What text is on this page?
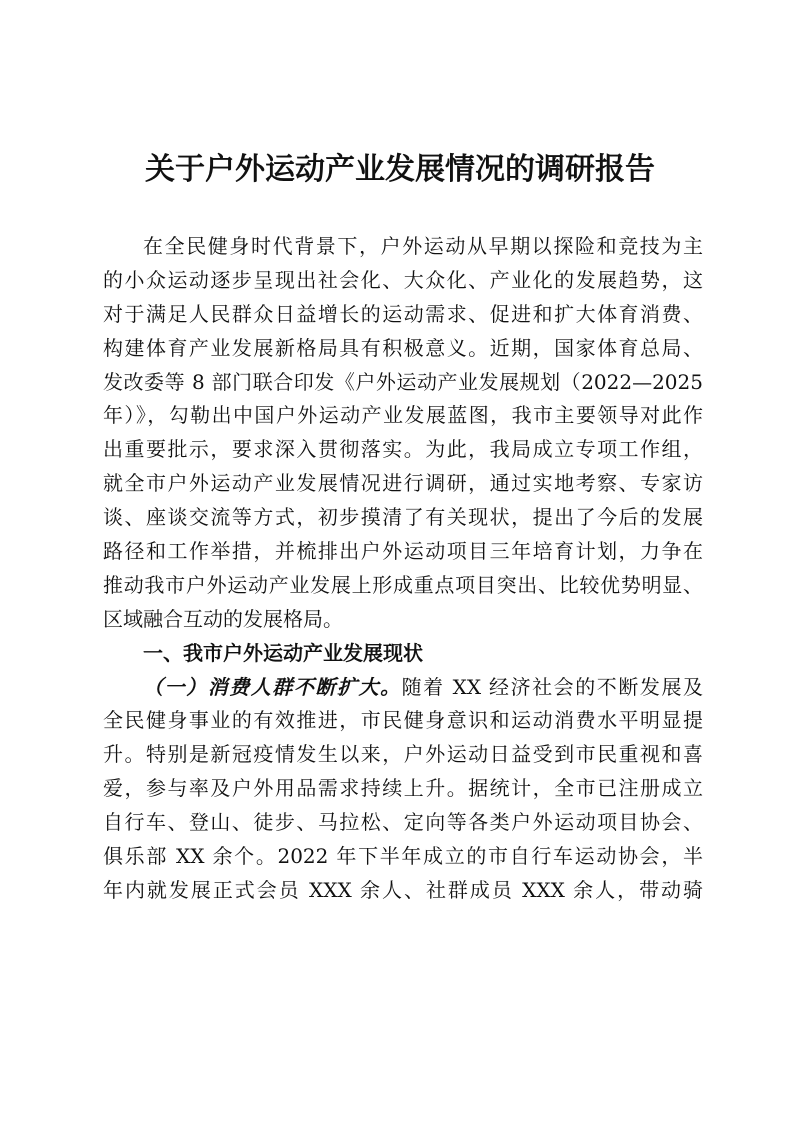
关于户外运动产业发展情况的调研报告
在全民健身时代背景下，户外运动从早期以探险和竞技为主
的小众运动逐步呈现出社会化、大众化、产业化的发展趋势，这
对于满足人民群众日益增长的运动需求、促进和扩大体育消费、
构建体育产业发展新格局具有积极意义。近期，国家体育总局、
发改委等 8 部门联合印发《户外运动产业发展规划（2022—2025
年）》，勾勒出中国户外运动产业发展蓝图，我市主要领导对此作
出重要批示，要求深入贯彻落实。为此，我局成立专项工作组，
就全市户外运动产业发展情况进行调研，通过实地考察、专家访
谈、座谈交流等方式，初步摸清了有关现状，提出了今后的发展
路径和工作举措，并梳排出户外运动项目三年培育计划，力争在
推动我市户外运动产业发展上形成重点项目突出、比较优势明显、
区域融合互动的发展格局。
一、我市户外运动产业发展现状
（一）消费人群不断扩大。随着 XX 经济社会的不断发展及
全民健身事业的有效推进，市民健身意识和运动消费水平明显提
升。特别是新冠疫情发生以来，户外运动日益受到市民重视和喜
爱，参与率及户外用品需求持续上升。据统计，全市已注册成立
自行车、登山、徒步、马拉松、定向等各类户外运动项目协会、
俱乐部 XX 余个。2022 年下半年成立的市自行车运动协会，半
年内就发展正式会员 XXX 余人、社群成员 XXX 余人，带动骑
